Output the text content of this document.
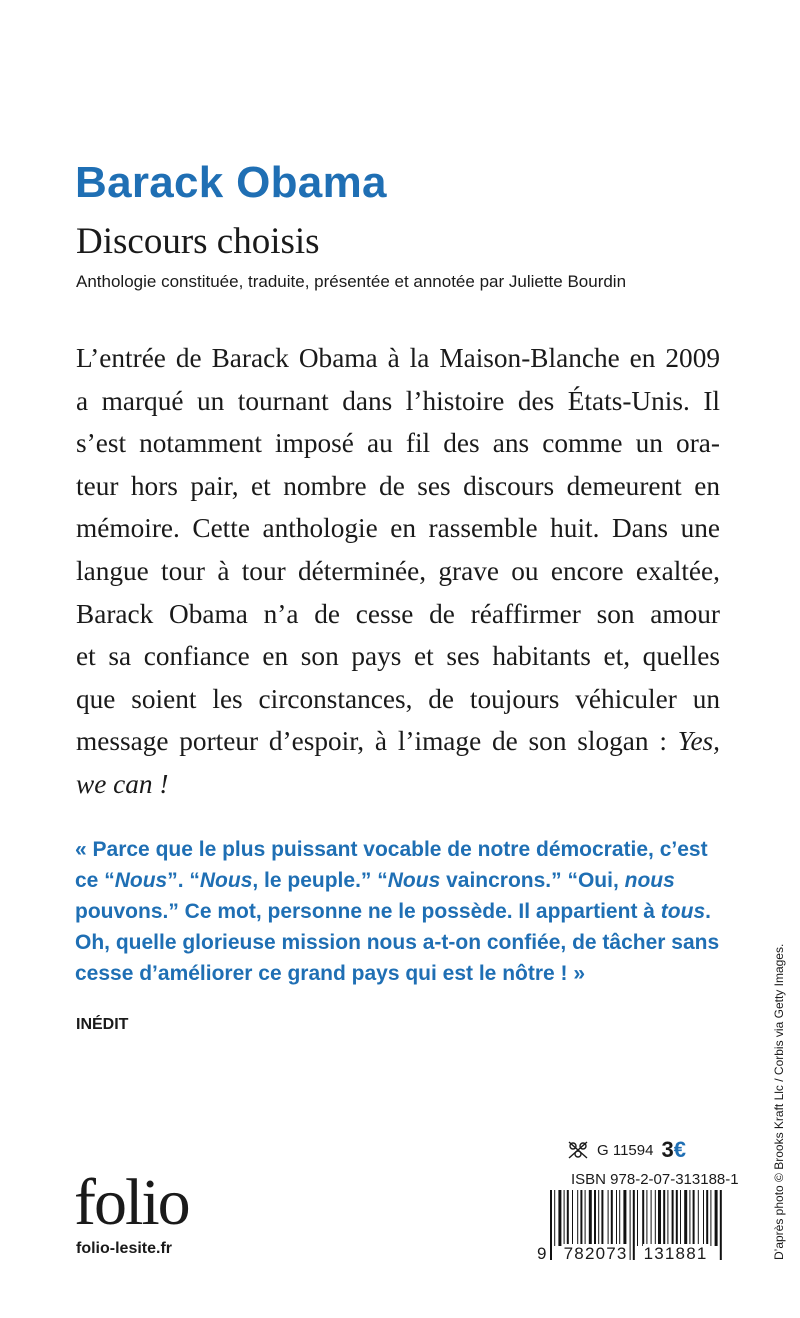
Barack Obama
Discours choisis
Anthologie constituée, traduite, présentée et annotée par Juliette Bourdin
L’entrée de Barack Obama à la Maison-Blanche en 2009
a marqué un tournant dans l’histoire des États-Unis. Il
s’est notamment imposé au fil des ans comme un ora-
teur hors pair, et nombre de ses discours demeurent en
mémoire. Cette anthologie en rassemble huit. Dans une
langue tour à tour déterminée, grave ou encore exaltée,
Barack Obama n’a de cesse de réaffirmer son amour
et sa confiance en son pays et ses habitants et, quelles
que soient les circonstances, de toujours véhiculer un
message porteur d’espoir, à l’image de son slogan : Yes,
we can !
« Parce que le plus puissant vocable de notre démocratie, c’est
ce “Nous”. “Nous, le peuple.” “Nous vaincrons.” “Oui, nous
pouvons.” Ce mot, personne ne le possède. Il appartient à tous.
Oh, quelle glorieuse mission nous a-t-on confiée, de tâcher sans
cesse d’améliorer ce grand pays qui est le nôtre ! »
INÉDIT
folio
folio-lesite.fr
G 11594 3€
ISBN 978-2-07-313188-1
9 782073 131881	D’après photo © Brooks Kraft Llc / Corbis via Getty Images.
